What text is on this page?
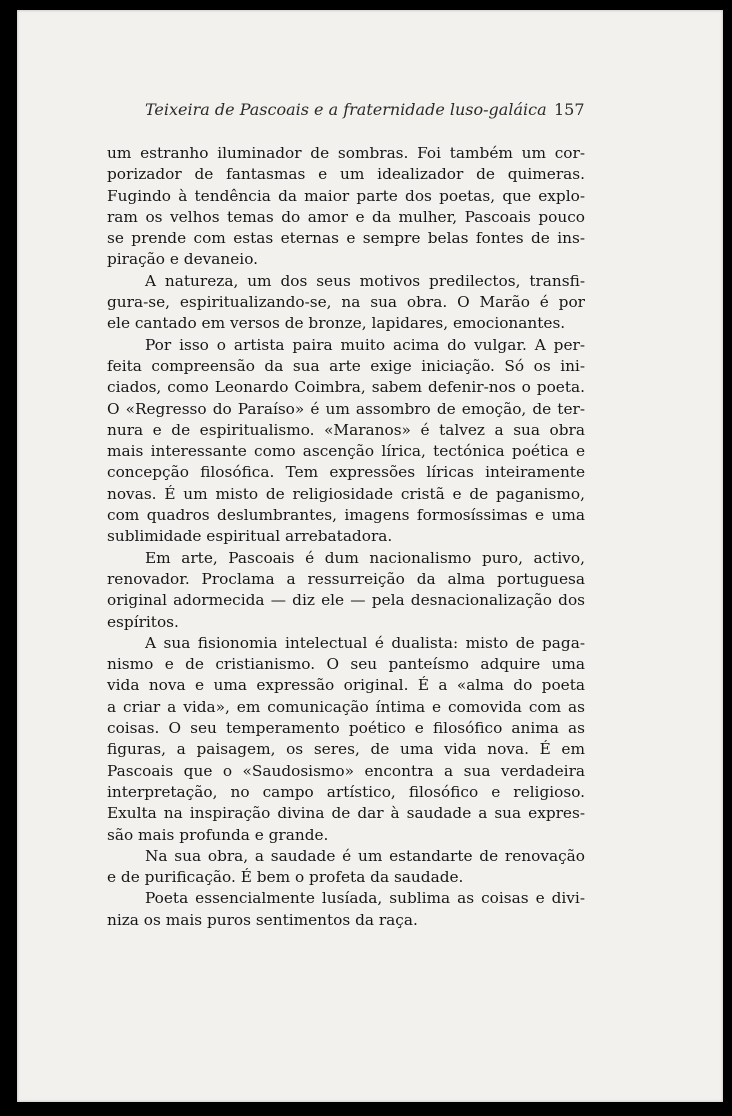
Teixeira de Pascoais e a fraternidade luso-galáica 157
um estranho iluminador de sombras. Foi também um cor-
porizador de fantasmas e um idealizador de quimeras.
Fugindo à tendência da maior parte dos poetas, que explo-
ram os velhos temas do amor e da mulher, Pascoais pouco
se prende com estas eternas e sempre belas fontes de ins-
piração e devaneio.
A natureza, um dos seus motivos predilectos, transfi-
gura-se, espiritualizando-se, na sua obra. O Marão é por
ele cantado em versos de bronze, lapidares, emocionantes.
Por isso o artista paira muito acima do vulgar. A per-
feita compreensão da sua arte exige iniciação. Só os ini-
ciados, como Leonardo Coimbra, sabem defenir-nos o poeta.
O «Regresso do Paraíso» é um assombro de emoção, de ter-
nura e de espiritualismo. «Maranos» é talvez a sua obra
mais interessante como ascenção lírica, tectónica poética e
concepção filosófica. Tem expressões líricas inteiramente
novas. É um misto de religiosidade cristã e de paganismo,
com quadros deslumbrantes, imagens formosíssimas e uma
sublimidade espiritual arrebatadora.
Em arte, Pascoais é dum nacionalismo puro, activo,
renovador. Proclama a ressurreição da alma portuguesa
original adormecida — diz ele — pela desnacionalização dos
espíritos.
A sua fisionomia intelectual é dualista: misto de paga-
nismo e de cristianismo. O seu panteísmo adquire uma
vida nova e uma expressão original. É a «alma do poeta
a criar a vida», em comunicação íntima e comovida com as
coisas. O seu temperamento poético e filosófico anima as
figuras, a paisagem, os seres, de uma vida nova. É em
Pascoais que o «Saudosismo» encontra a sua verdadeira
interpretação, no campo artístico, filosófico e religioso.
Exulta na inspiração divina de dar à saudade a sua expres-
são mais profunda e grande.
Na sua obra, a saudade é um estandarte de renovação
e de purificação. É bem o profeta da saudade.
Poeta essencialmente lusíada, sublima as coisas e divi-
niza os mais puros sentimentos da raça.
